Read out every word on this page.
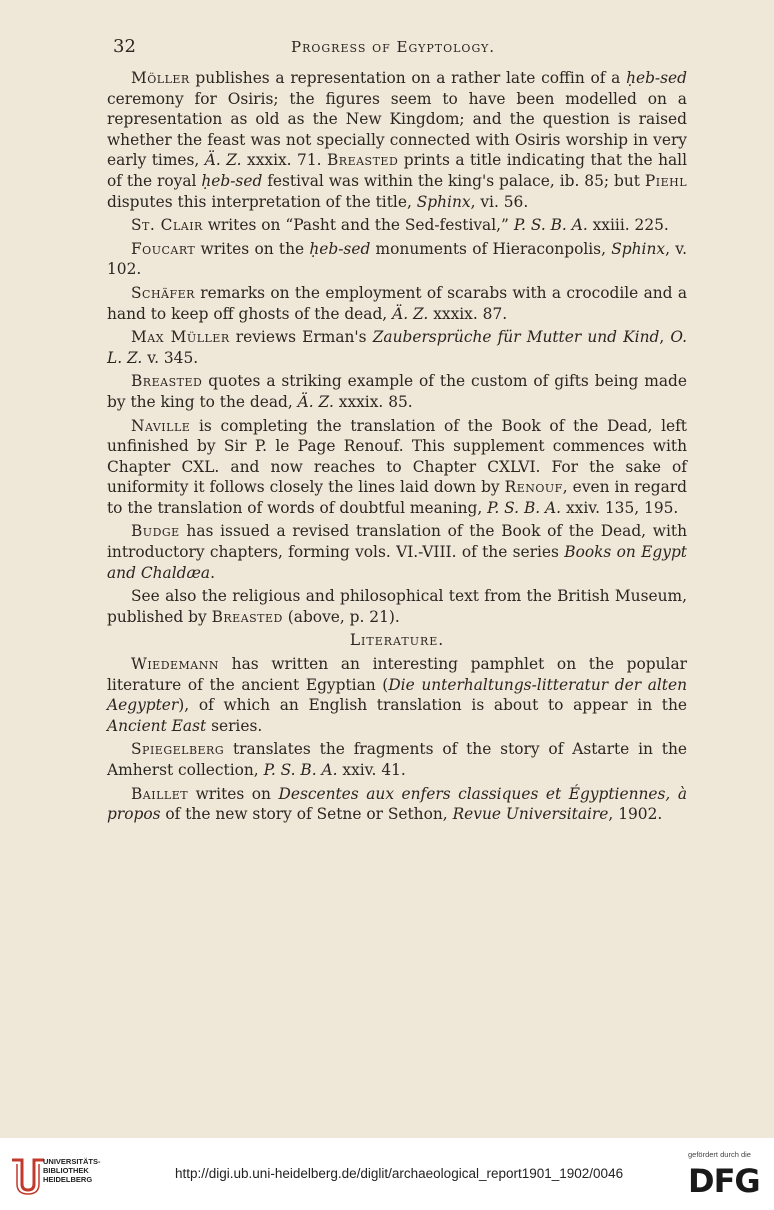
32	Progress of Egyptology.

Möller publishes a representation on a rather late coffin of a ḥeb-sed ceremony for Osiris; the figures seem to have been modelled on a representation as old as the New Kingdom; and the question is raised whether the feast was not specially connected with Osiris worship in very early times, Ä. Z. xxxix. 71. Breasted prints a title indicating that the hall of the royal ḥeb-sed festival was within the king's palace, ib. 85; but Piehl disputes this interpretation of the title, Sphinx, vi. 56.

St. Clair writes on “Pasht and the Sed-festival,” P. S. B. A. xxiii. 225.

Foucart writes on the ḥeb-sed monuments of Hieraconpolis, Sphinx, v. 102.

Schäfer remarks on the employment of scarabs with a crocodile and a hand to keep off ghosts of the dead, Ä. Z. xxxix. 87.

Max Müller reviews Erman's Zaubersprüche für Mutter und Kind, O. L. Z. v. 345.

Breasted quotes a striking example of the custom of gifts being made by the king to the dead, Ä. Z. xxxix. 85.

Naville is completing the translation of the Book of the Dead, left unfinished by Sir P. le Page Renouf. This supplement commences with Chapter CXL. and now reaches to Chapter CXLVI. For the sake of uniformity it follows closely the lines laid down by Renouf, even in regard to the translation of words of doubtful meaning, P. S. B. A. xxiv. 135, 195.

Budge has issued a revised translation of the Book of the Dead, with introductory chapters, forming vols. VI.-VIII. of the series Books on Egypt and Chaldæa.

See also the religious and philosophical text from the British Museum, published by Breasted (above, p. 21).

Literature.

Wiedemann has written an interesting pamphlet on the popular literature of the ancient Egyptian (Die unterhaltungs-litteratur der alten Aegypter), of which an English translation is about to appear in the Ancient East series.

Spiegelberg translates the fragments of the story of Astarte in the Amherst collection, P. S. B. A. xxiv. 41.

Baillet writes on Descentes aux enfers classiques et Égyptiennes, à propos of the new story of Setne or Sethon, Revue Universitaire, 1902.

UNIVERSITÄTS-
BIBLIOTHEK
HEIDELBERG	http://digi.ub.uni-heidelberg.de/diglit/archaeological_report1901_1902/0046
gefördert durch die
DFG
